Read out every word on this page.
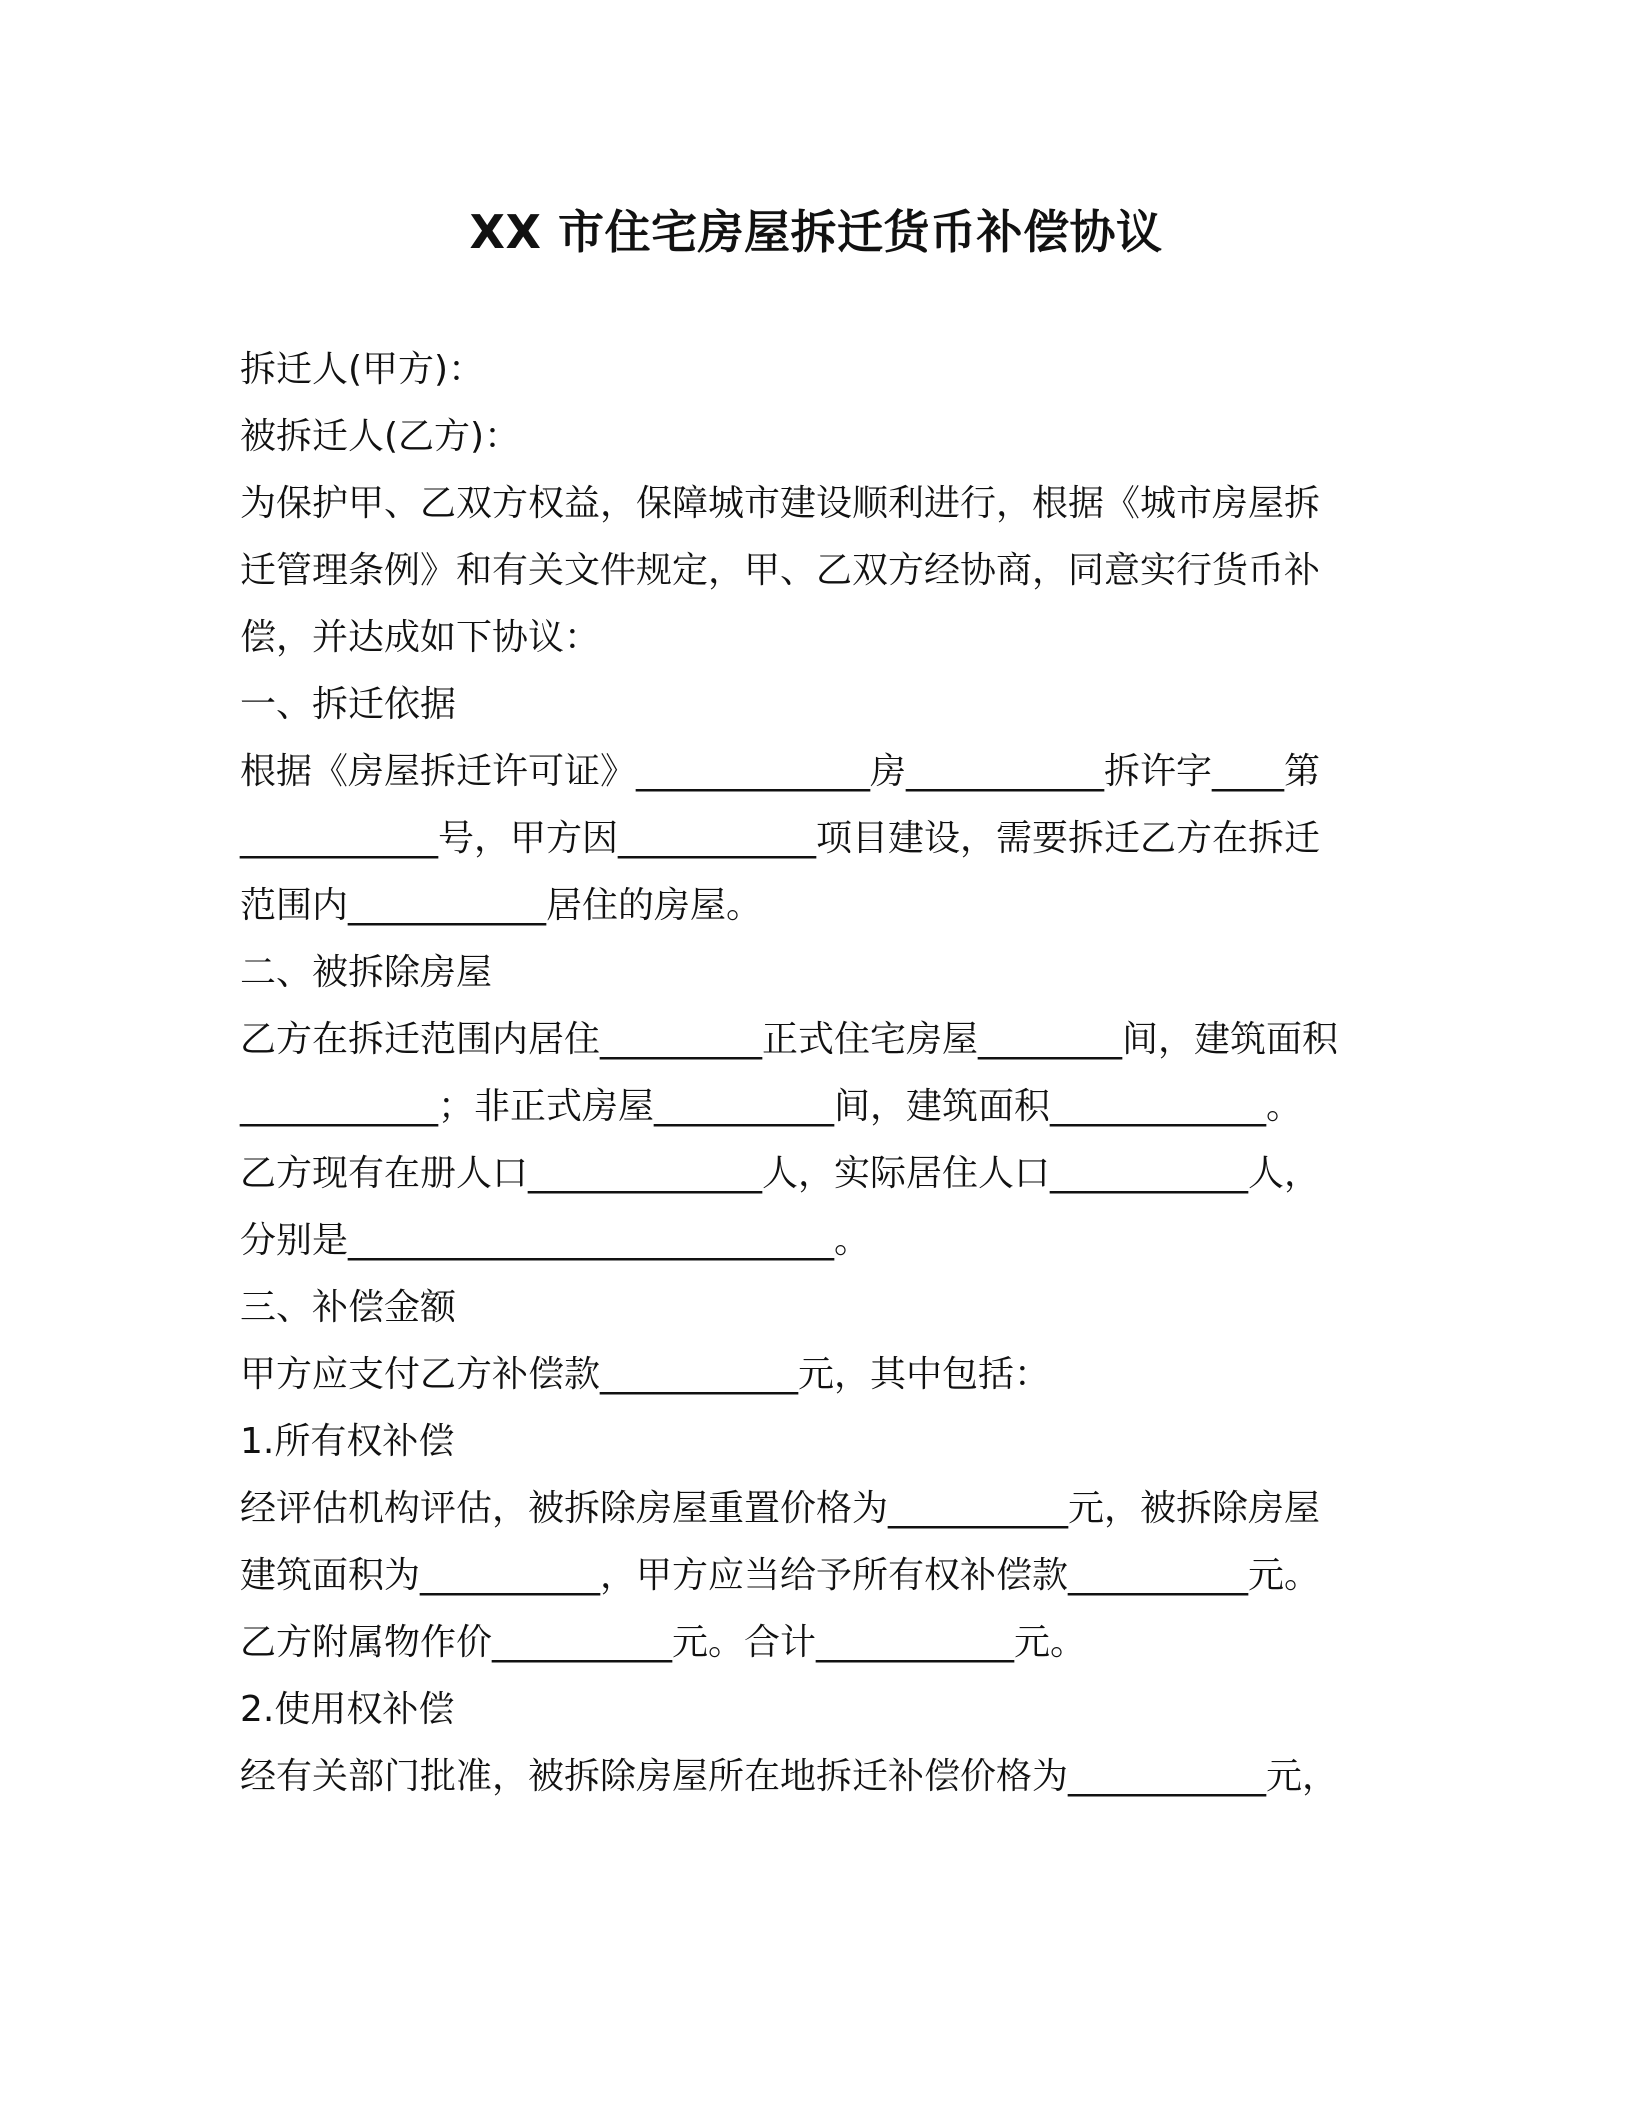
XX 市住宅房屋拆迁货币补偿协议
拆迁人(甲方)：
被拆迁人(乙方)：
为保护甲、乙双方权益，保障城市建设顺利进行，根据《城市房屋拆
迁管理条例》和有关文件规定，甲、乙双方经协商，同意实行货币补
偿，并达成如下协议：
一、拆迁依据
根据《房屋拆迁许可证》_____________房___________拆许字____第
___________号，甲方因___________项目建设，需要拆迁乙方在拆迁
范围内___________居住的房屋。
二、被拆除房屋
乙方在拆迁范围内居住_________正式住宅房屋________间，建筑面积
___________；非正式房屋__________间，建筑面积____________。
乙方现有在册人口_____________人，实际居住人口___________人，
分别是___________________________。
三、补偿金额
甲方应支付乙方补偿款___________元，其中包括：
1.所有权补偿
经评估机构评估，被拆除房屋重置价格为__________元，被拆除房屋
建筑面积为__________，甲方应当给予所有权补偿款__________元。
乙方附属物作价__________元。合计___________元。
2.使用权补偿
经有关部门批准，被拆除房屋所在地拆迁补偿价格为___________元，
